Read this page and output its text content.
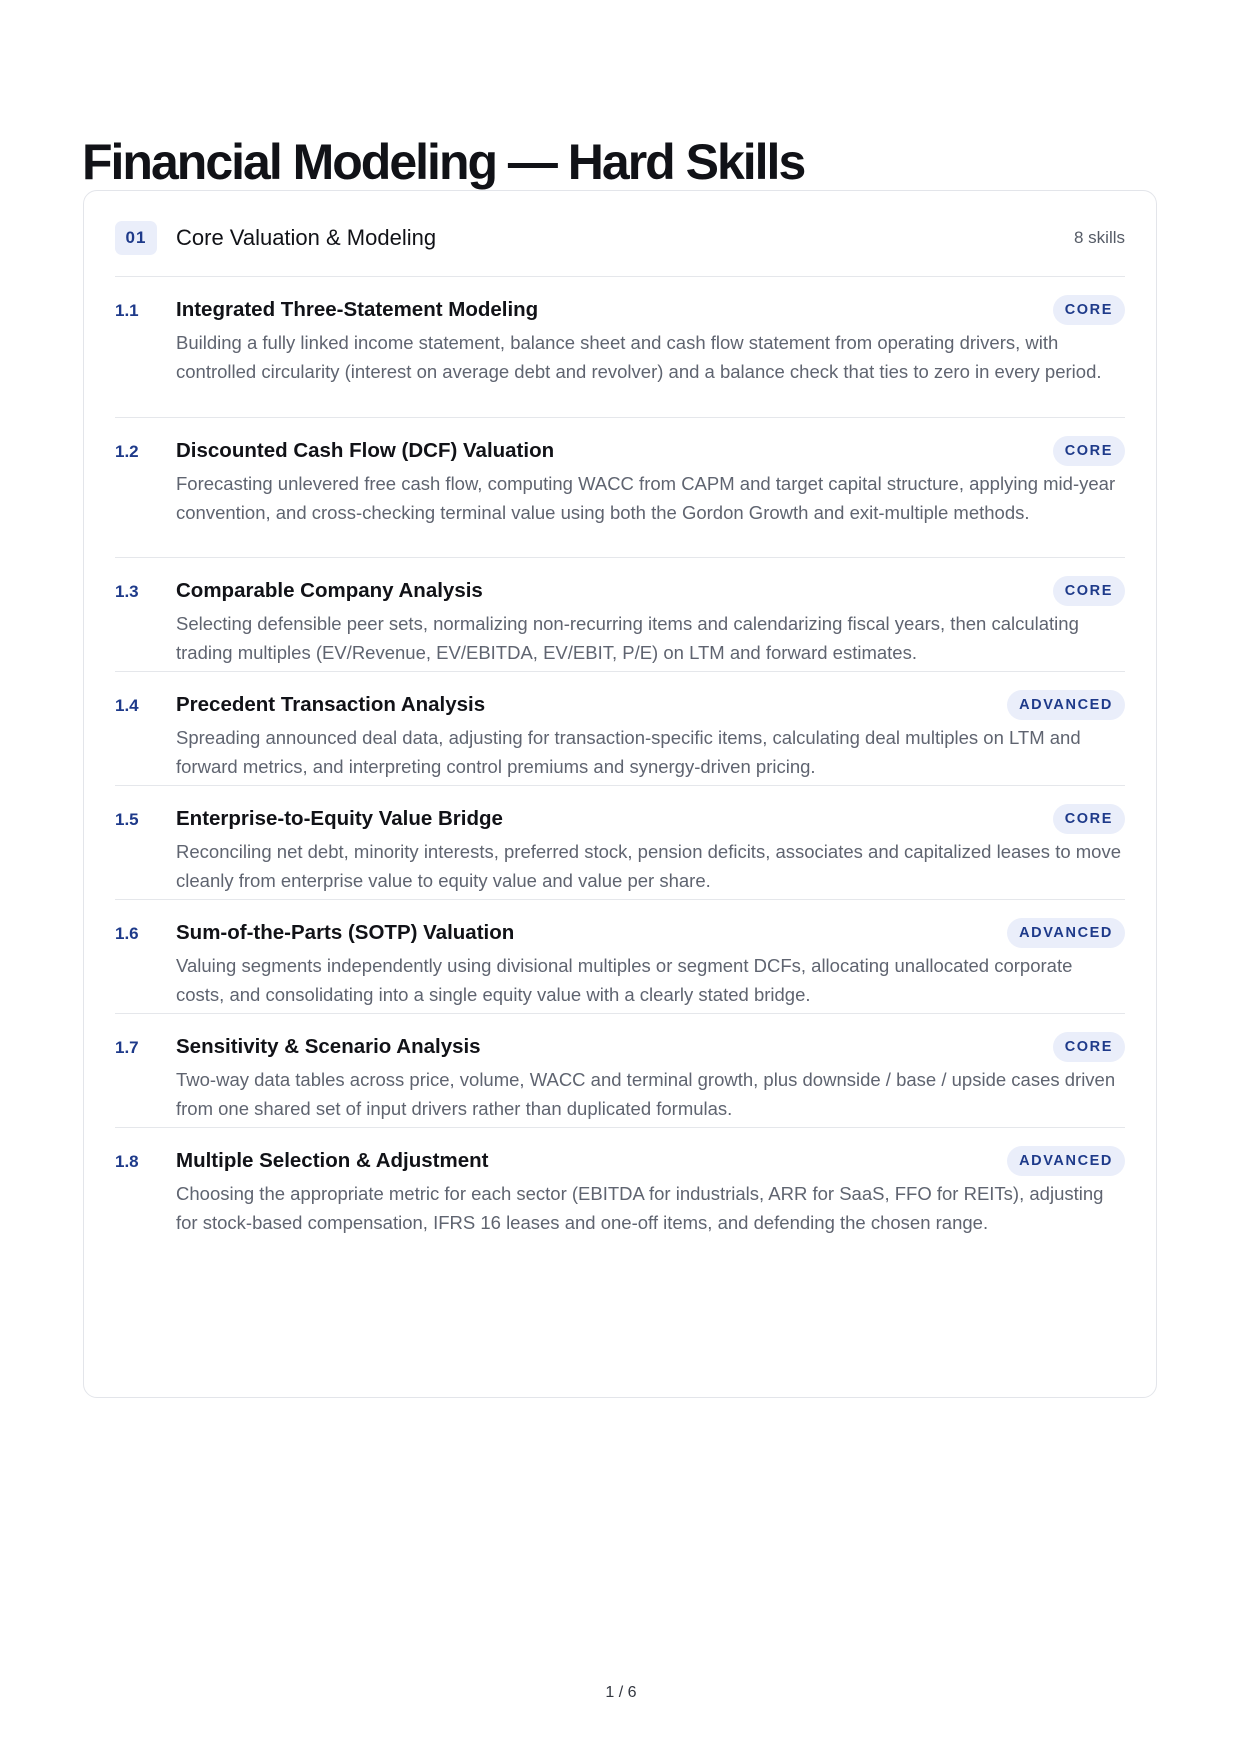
Financial Modeling — Hard Skills
01	Core Valuation & Modeling	8 skills
1.1 Integrated Three-Statement Modeling	CORE

Building a fully linked income statement, balance sheet and cash flow statement from operating drivers, with controlled circularity (interest on average debt and revolver) and a balance check that ties to zero in every period.

1.2 Discounted Cash Flow (DCF) Valuation	CORE

Forecasting unlevered free cash flow, computing WACC from CAPM and target capital structure, applying mid-year convention, and cross-checking terminal value using both the Gordon Growth and exit-multiple methods.

1.3 Comparable Company Analysis	CORE

Selecting defensible peer sets, normalizing non-recurring items and calendarizing fiscal years, then calculating trading multiples (EV/Revenue, EV/EBITDA, EV/EBIT, P/E) on LTM and forward estimates.

1.4 Precedent Transaction Analysis	ADVANCED

Spreading announced deal data, adjusting for transaction-specific items, calculating deal multiples on LTM and forward metrics, and interpreting control premiums and synergy-driven pricing.

1.5 Enterprise-to-Equity Value Bridge	CORE

Reconciling net debt, minority interests, preferred stock, pension deficits, associates and capitalized leases to move cleanly from enterprise value to equity value and value per share.

1.6 Sum-of-the-Parts (SOTP) Valuation	ADVANCED

Valuing segments independently using divisional multiples or segment DCFs, allocating unallocated corporate costs, and consolidating into a single equity value with a clearly stated bridge.

1.7 Sensitivity & Scenario Analysis	CORE

Two-way data tables across price, volume, WACC and terminal growth, plus downside / base / upside cases driven from one shared set of input drivers rather than duplicated formulas.

1.8 Multiple Selection & Adjustment	ADVANCED

Choosing the appropriate metric for each sector (EBITDA for industrials, ARR for SaaS, FFO for REITs), adjusting for stock-based compensation, IFRS 16 leases and one-off items, and defending the chosen range.

1 / 6
